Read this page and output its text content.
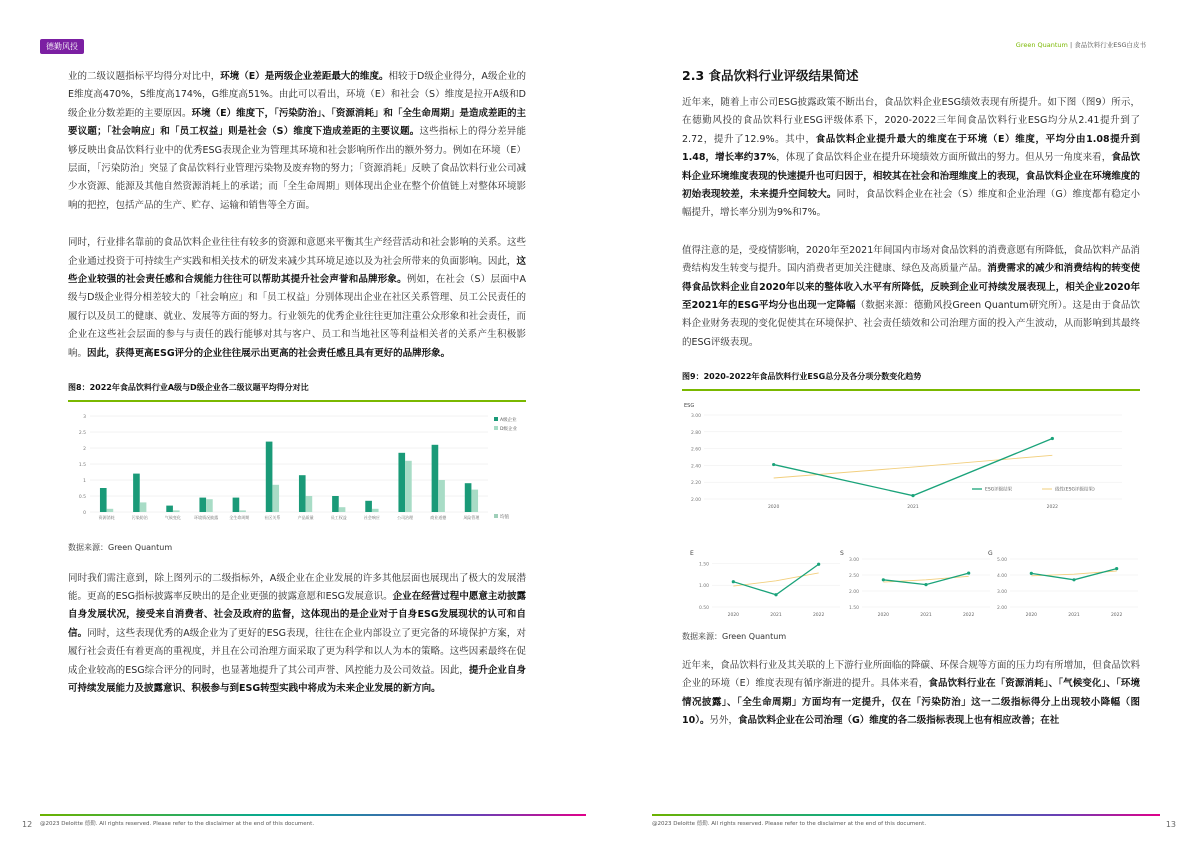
德勤风投

业的二级议题指标平均得分对比中，环境（E）是两级企业差距最大的维度。相较于D级企业得分，A级企业的E维度高470%，S维度高174%，G维度高51%。由此可以看出，环境（E）和社会（S）维度是拉开A级和D级企业分数差距的主要原因。环境（E）维度下，「污染防治」、「资源消耗」和「全生命周期」是造成差距的主要议题；「社会响应」和「员工权益」则是社会（S）维度下造成差距的主要议题。这些指标上的得分差异能够反映出食品饮料行业中的优秀ESG表现企业为管理其环境和社会影响所作出的额外努力。例如在环境（E）层面，「污染防治」突显了食品饮料行业管理污染物及废弃物的努力；「资源消耗」反映了食品饮料行业公司减少水资源、能源及其他自然资源消耗上的承诺；而「全生命周期」则体现出企业在整个价值链上对整体环境影响的把控，包括产品的生产、贮存、运输和销售等全方面。

同时，行业排名靠前的食品饮料企业往往有较多的资源和意愿来平衡其生产经营活动和社会影响的关系。这些企业通过投资于可持续生产实践和相关技术的研发来减少其环境足迹以及为社会所带来的负面影响。因此，这些企业较强的社会责任感和合规能力往往可以帮助其提升社会声誉和品牌形象。例如，在社会（S）层面中A级与D级企业得分相差较大的「社会响应」和「员工权益」分别体现出企业在社区关系管理、员工公民责任的履行以及员工的健康、就业、发展等方面的努力。行业领先的优秀企业往往更加注重公众形象和社会责任，而企业在这些社会层面的参与与责任的践行能够对其与客户、员工和当地社区等利益相关者的关系产生积极影响。因此，获得更高ESG评分的企业往往展示出更高的社会责任感且具有更好的品牌形象。

图8：2022年食品饮料行业A级与D级企业各二级议题平均得分对比
0
0.5
1
1.5
2
2.5
3
资源消耗	污染防治	气候变化	环境情况披露	全生命周期	社区关系	产品质量	员工权益	社会响应	公司治理	商业道德	风险管理
A级企业
D级企业
均值
数据来源：Green Quantum

同时我们需注意到，除上图列示的二级指标外，A级企业在企业发展的许多其他层面也展现出了极大的发展潜能。更高的ESG指标披露率反映出的是企业更强的披露意愿和ESG发展意识。企业在经营过程中愿意主动披露自身发展状况，接受来自消费者、社会及政府的监督，这体现出的是企业对于自身ESG发展现状的认可和自信。同时，这些表现优秀的A级企业为了更好的ESG表现，往往在企业内部设立了更完备的环境保护方案，对履行社会责任有着更高的重视度，并且在公司治理方面采取了更为科学和以人为本的策略。这些因素最终在促成企业较高的ESG综合评分的同时，也显著地提升了其公司声誉、风控能力及公司效益。因此，提升企业自身可持续发展能力及披露意识、积极参与到ESG转型实践中将成为未来企业发展的新方向。

@2023 Deloitte 德勤. All rights reserved. Please refer to the disclaimer at the end of this document.
12
Green Quantum | 食品饮料行业ESG白皮书
2.3 食品饮料行业评级结果简述

近年来，随着上市公司ESG披露政策不断出台，食品饮料企业ESG绩效表现有所提升。如下图（图9）所示，在德勤风投的食品饮料行业ESG评级体系下，2020-2022三年间食品饮料行业ESG均分从2.41提升到了2.72，提升了12.9%。其中，食品饮料企业提升最大的维度在于环境（E）维度，平均分由1.08提升到1.48，增长率约37%，体现了食品饮料企业在提升环境绩效方面所做出的努力。但从另一角度来看，食品饮料企业环境维度表现的快速提升也可归因于，相较其在社会和治理维度上的表现，食品饮料企业在环境维度的初始表现较差，未来提升空间较大。同时，食品饮料企业在社会（S）维度和企业治理（G）维度都有稳定小幅提升，增长率分别为9%和7%。

值得注意的是，受疫情影响，2020年至2021年间国内市场对食品饮料的消费意愿有所降低，食品饮料产品消费结构发生转变与提升。国内消费者更加关注健康、绿色及高质量产品。消费需求的减少和消费结构的转变使得食品饮料企业自2020年以来的整体收入水平有所降低，反映到企业可持续发展表现上，相关企业2020年至2021年的ESG平均分也出现一定降幅（数据来源：德勤风投Green Quantum研究所）。这是由于食品饮料企业财务表现的变化促使其在环境保护、社会责任绩效和公司治理方面的投入产生波动，从而影响到其最终的ESG评级表现。

图9：2020-2022年食品饮料行业ESG总分及各分项分数变化趋势
ESG
2.00
2.20
2.40
2.60
2.80
3.00
2020	2021	2022
ESG评级结果	线性(ESG评级结果)
0.50
1.00
1.50
2020	2021	2022
E
1.50
2.00
2.50
3.00
2020	2021	2022
S
2.00
3.00
4.00
5.00
2020	2021	2022
G
数据来源：Green Quantum

近年来，食品饮料行业及其关联的上下游行业所面临的降碳、环保合规等方面的压力均有所增加，但食品饮料企业的环境（E）维度表现有循序渐进的提升。具体来看，食品饮料行业在「资源消耗」、「气候变化」、「环境情况披露」、「全生命周期」方面均有一定提升，仅在「污染防治」这一二级指标得分上出现较小降幅（图10）。另外，食品饮料企业在公司治理（G）维度的各二级指标表现上也有相应改善；在社

@2023 Deloitte 德勤. All rights reserved. Please refer to the disclaimer at the end of this document.	13
